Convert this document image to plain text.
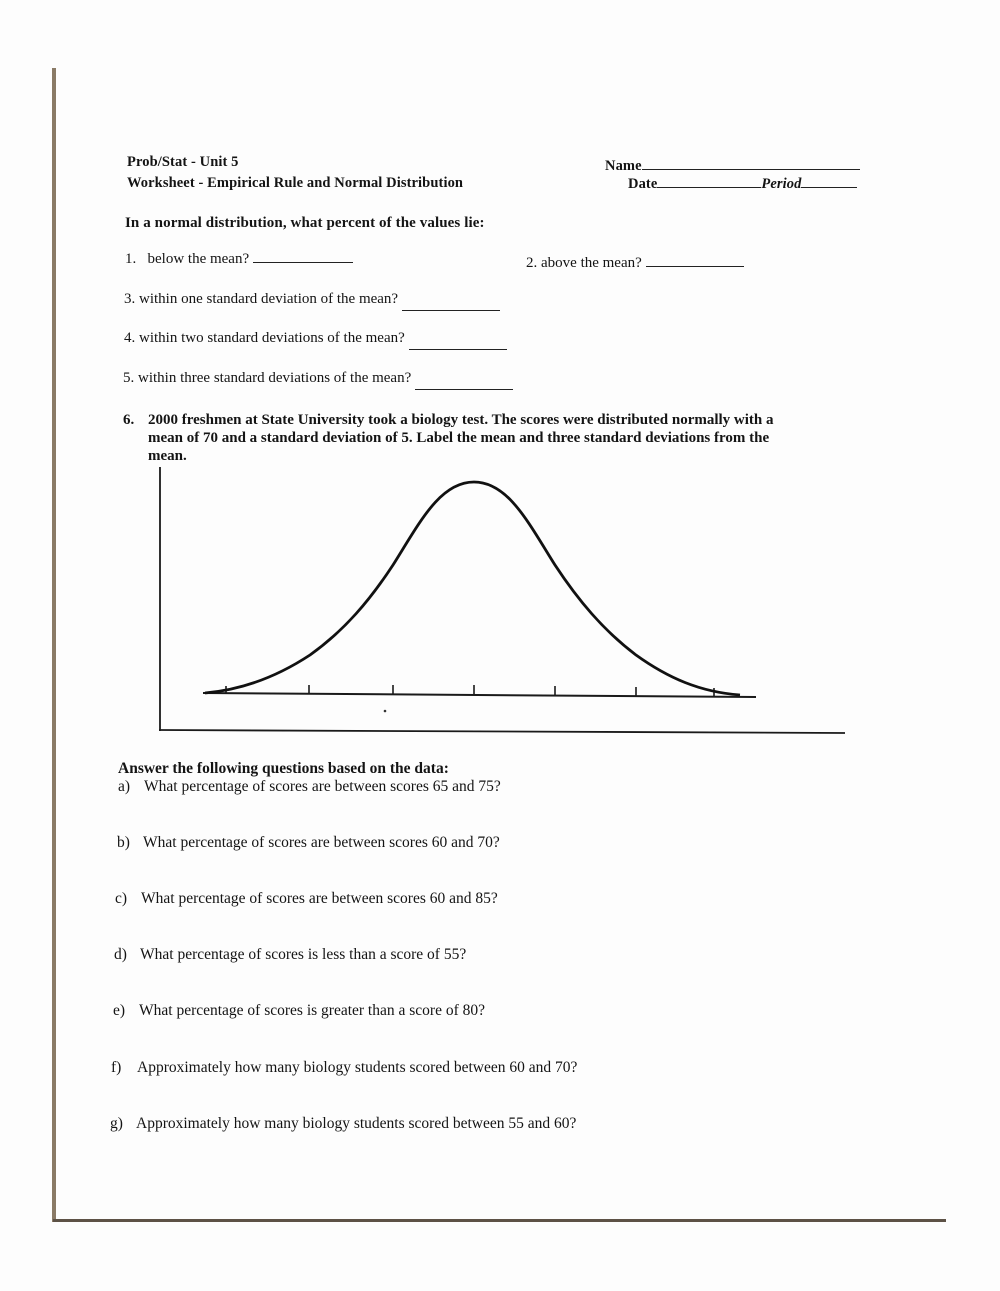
Prob/Stat - Unit 5
Worksheet - Empirical Rule and Normal Distribution
Name
Date	Period
In a normal distribution, what percent of the values lie:
1. below the mean?	2. above the mean?
3. within one standard deviation of the mean?
4. within two standard deviations of the mean?
5. within three standard deviations of the mean?
6. 2000 freshmen at State University took a biology test. The scores were distributed normally with a
mean of 70 and a standard deviation of 5. Label the mean and three standard deviations from the
mean.
Answer the following questions based on the data:
a) What percentage of scores are between scores 65 and 75?
b) What percentage of scores are between scores 60 and 70?
c) What percentage of scores are between scores 60 and 85?
d) What percentage of scores is less than a score of 55?
e) What percentage of scores is greater than a score of 80?
f) Approximately how many biology students scored between 60 and 70?
g) Approximately how many biology students scored between 55 and 60?
